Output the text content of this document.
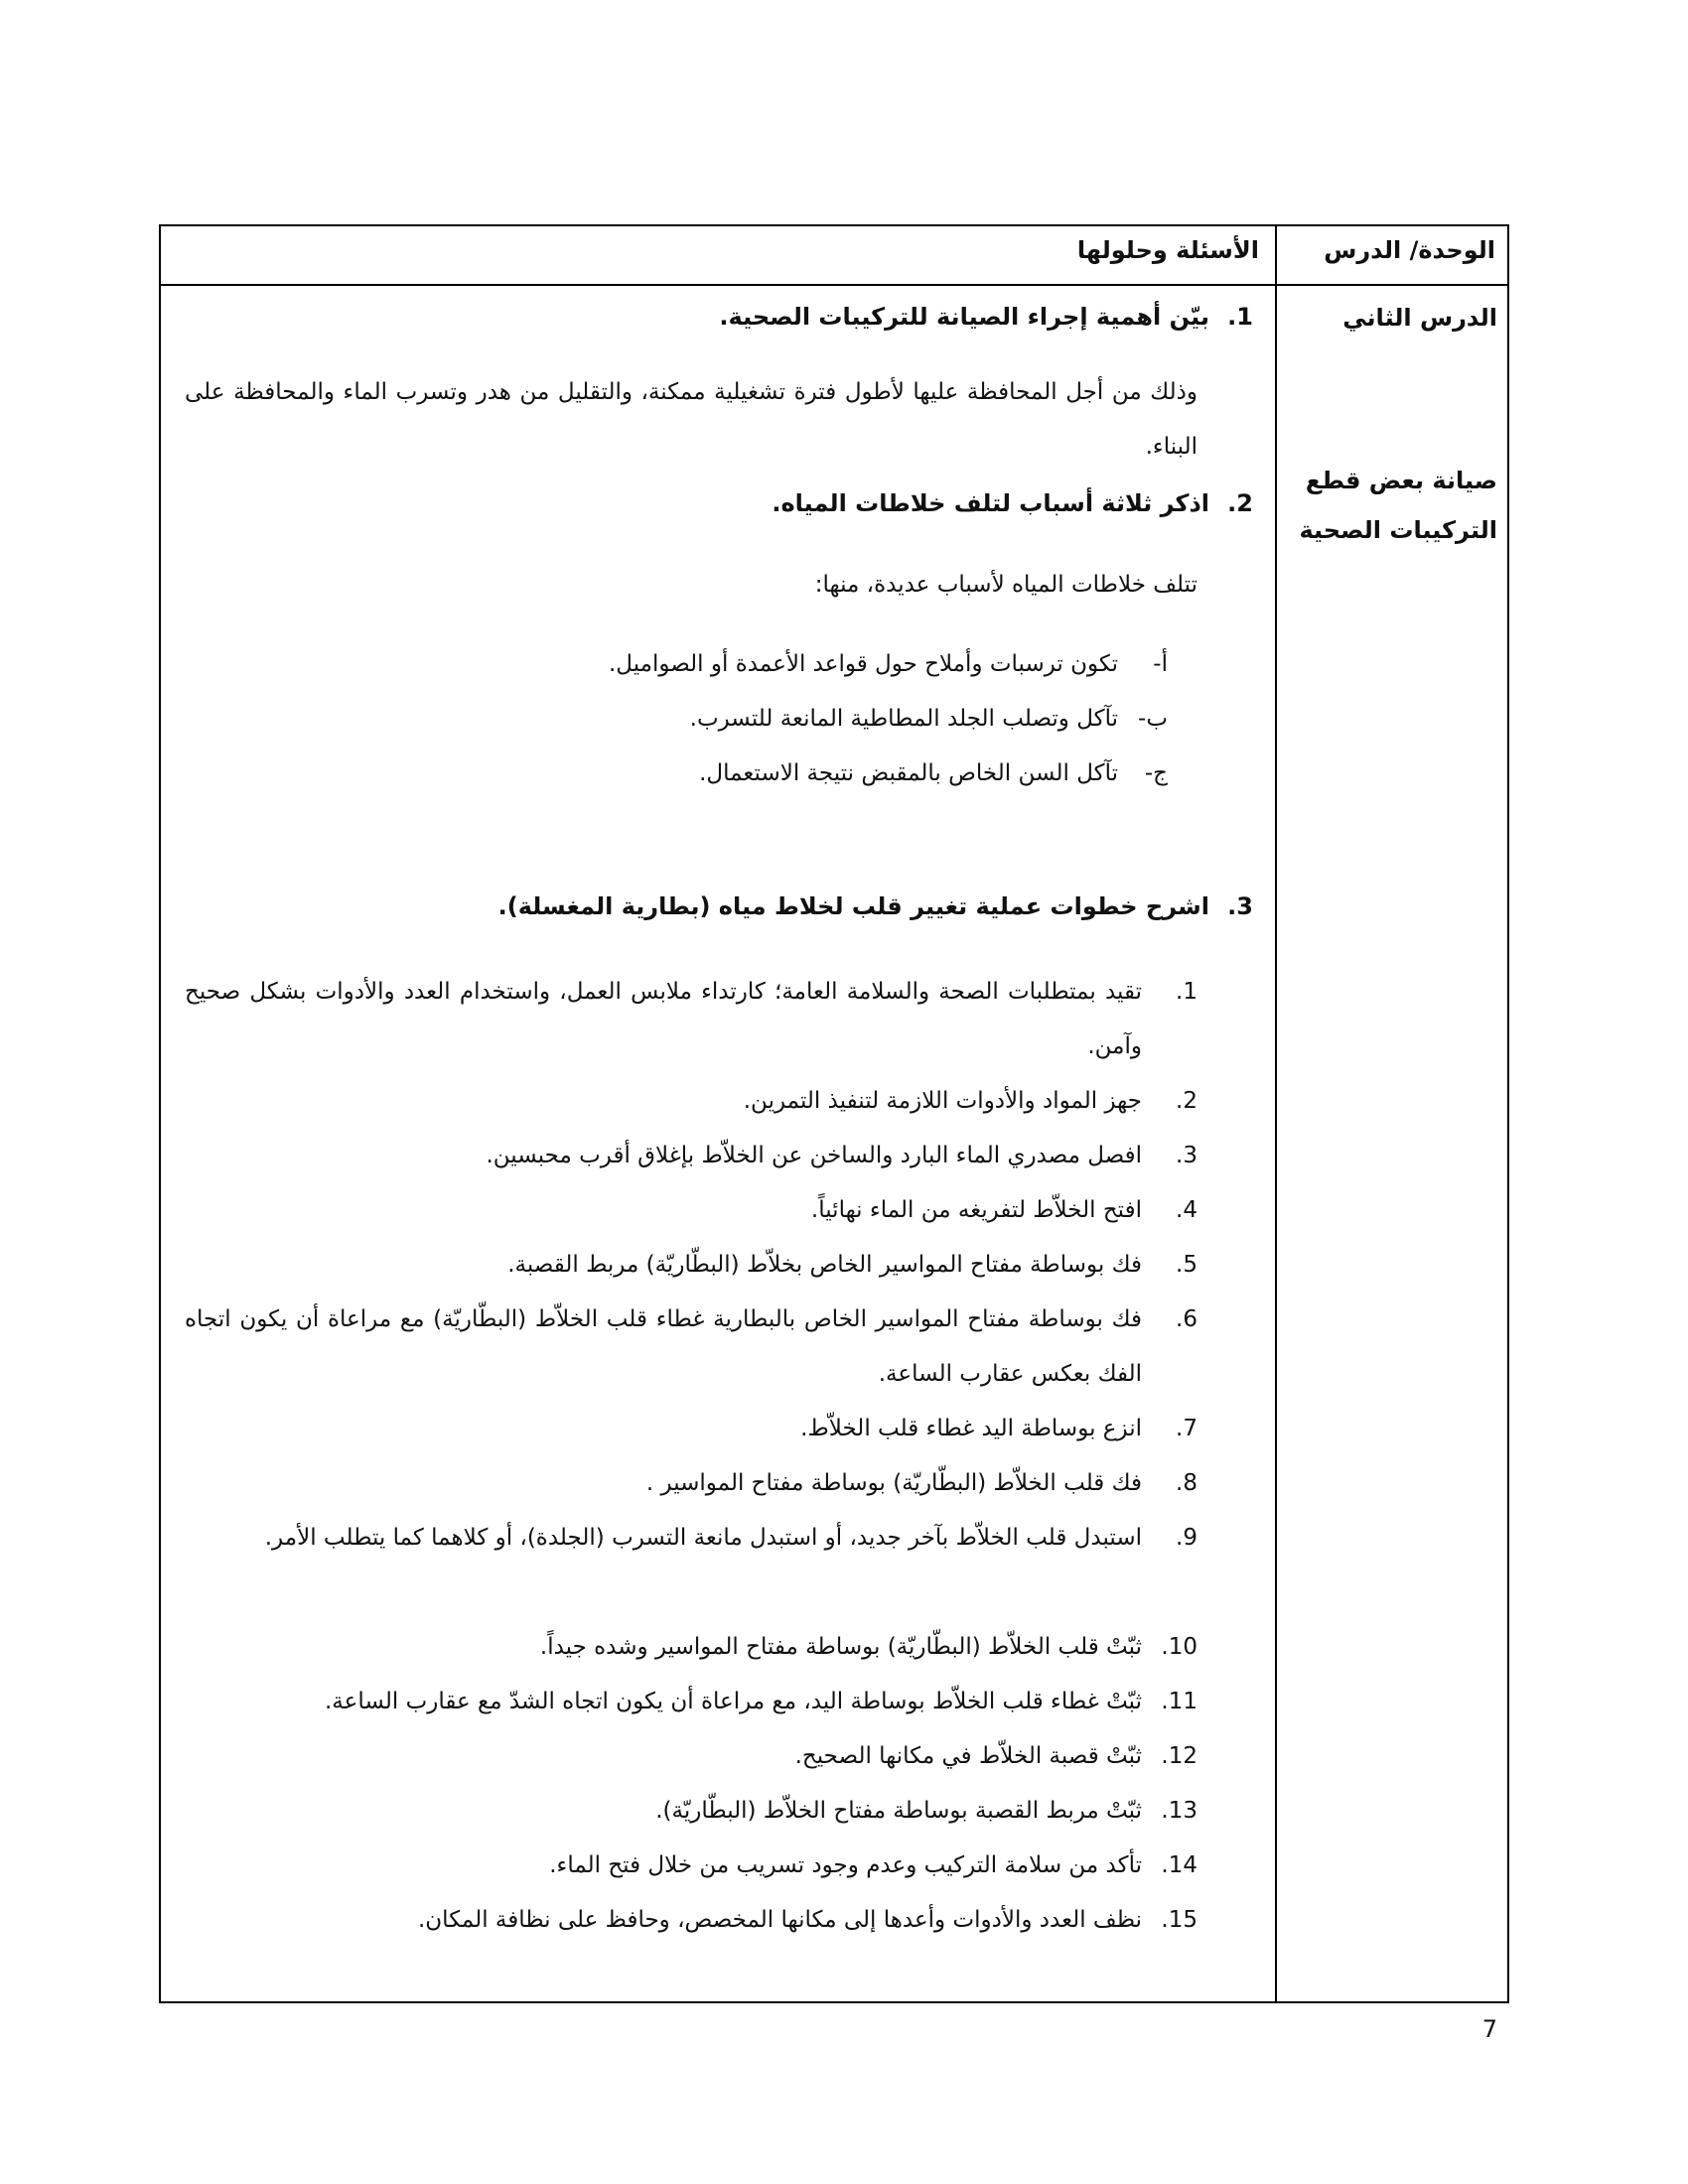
الوحدة/ الدرس
الأسئلة وحلولها
الدرس الثاني
صيانة بعض قطع
التركيبات الصحية
1.بيّن أهمية إجراء الصيانة للتركيبات الصحية.
وذلك من أجل المحافظة عليها لأطول فترة تشغيلية ممكنة، والتقليل من هدر وتسرب الماء والمحافظة على البناء.
2.اذكر ثلاثة أسباب لتلف خلاطات المياه.
تتلف خلاطات المياه لأسباب عديدة، منها:
أ-تكون ترسبات وأملاح حول قواعد الأعمدة أو الصواميل.
ب-تآكل وتصلب الجلد المطاطية المانعة للتسرب.
ج-تآكل السن الخاص بالمقبض نتيجة الاستعمال.
3.اشرح خطوات عملية تغيير قلب لخلاط مياه (بطارية المغسلة).
1.
تقيد بمتطلبات الصحة والسلامة العامة؛ كارتداء ملابس العمل، واستخدام العدد والأدوات بشكل صحيح وآمن.
2.
جهز المواد والأدوات اللازمة لتنفيذ التمرين.
3.
افصل مصدري الماء البارد والساخن عن الخلاّط بإغلاق أقرب محبسين.
4.
افتح الخلاّط لتفريغه من الماء نهائياً.
5.
فك بوساطة مفتاح المواسير الخاص بخلاّط (البطّاريّة) مربط القصبة.
6.
فك بوساطة مفتاح المواسير الخاص بالبطارية غطاء قلب الخلاّط (البطّاريّة) مع مراعاة أن يكون اتجاه الفك بعكس عقارب الساعة.
7.
انزع بوساطة اليد غطاء قلب الخلاّط.
8.
فك قلب الخلاّط (البطّاريّة) بوساطة مفتاح المواسير .
9.
استبدل قلب الخلاّط بآخر جديد، أو استبدل مانعة التسرب (الجلدة)، أو كلاهما كما يتطلب الأمر.
10.
ثبّتْ قلب الخلاّط (البطّاريّة) بوساطة مفتاح المواسير وشده جيداً.
11.
ثبّتْ غطاء قلب الخلاّط بوساطة اليد، مع مراعاة أن يكون اتجاه الشدّ مع عقارب الساعة.
12.
ثبّتْ قصبة الخلاّط في مكانها الصحيح.
13.
ثبّتْ مربط القصبة بوساطة مفتاح الخلاّط (البطّاريّة).
14.
تأكد من سلامة التركيب وعدم وجود تسريب من خلال فتح الماء.
15.
نظف العدد والأدوات وأعدها إلى مكانها المخصص، وحافظ على نظافة المكان.
7
